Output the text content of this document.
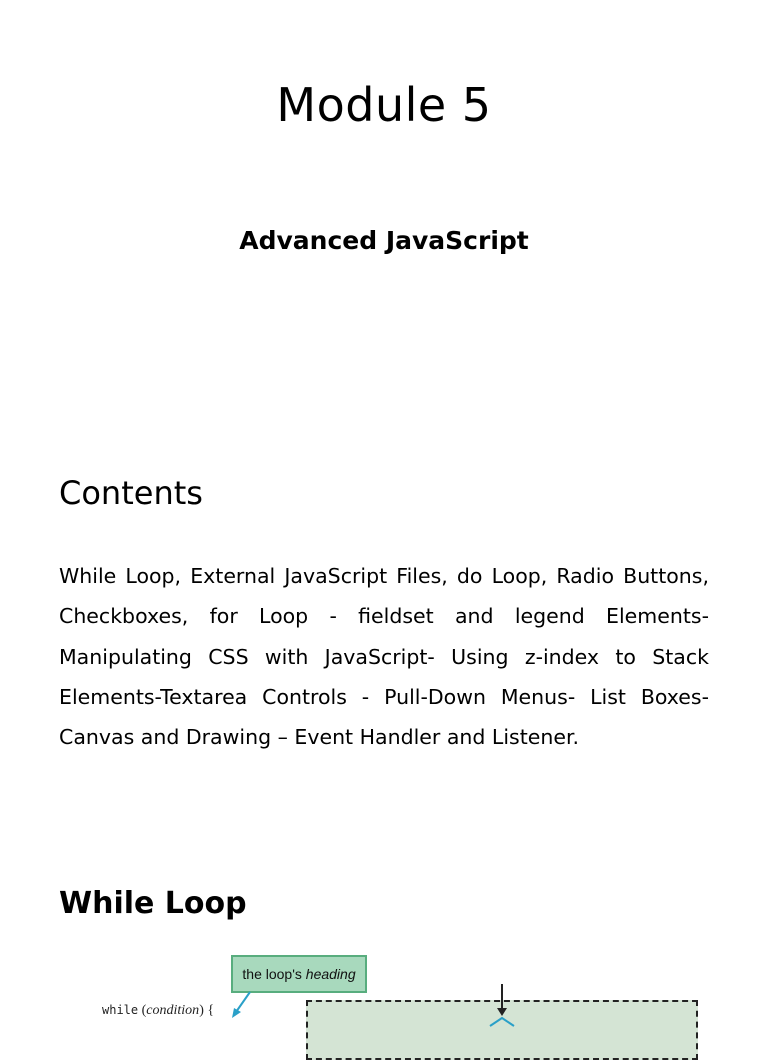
Module 5
Advanced JavaScript
Contents

While Loop, External JavaScript Files, do Loop, Radio Buttons, Checkboxes, for Loop - fieldset and legend Elements- Manipulating CSS with JavaScript- Using z-index to Stack Elements-Textarea Controls - Pull-Down Menus- List Boxes- Canvas and Drawing – Event Handler and Listener.

While Loop
the loop's heading
while (condition) {
